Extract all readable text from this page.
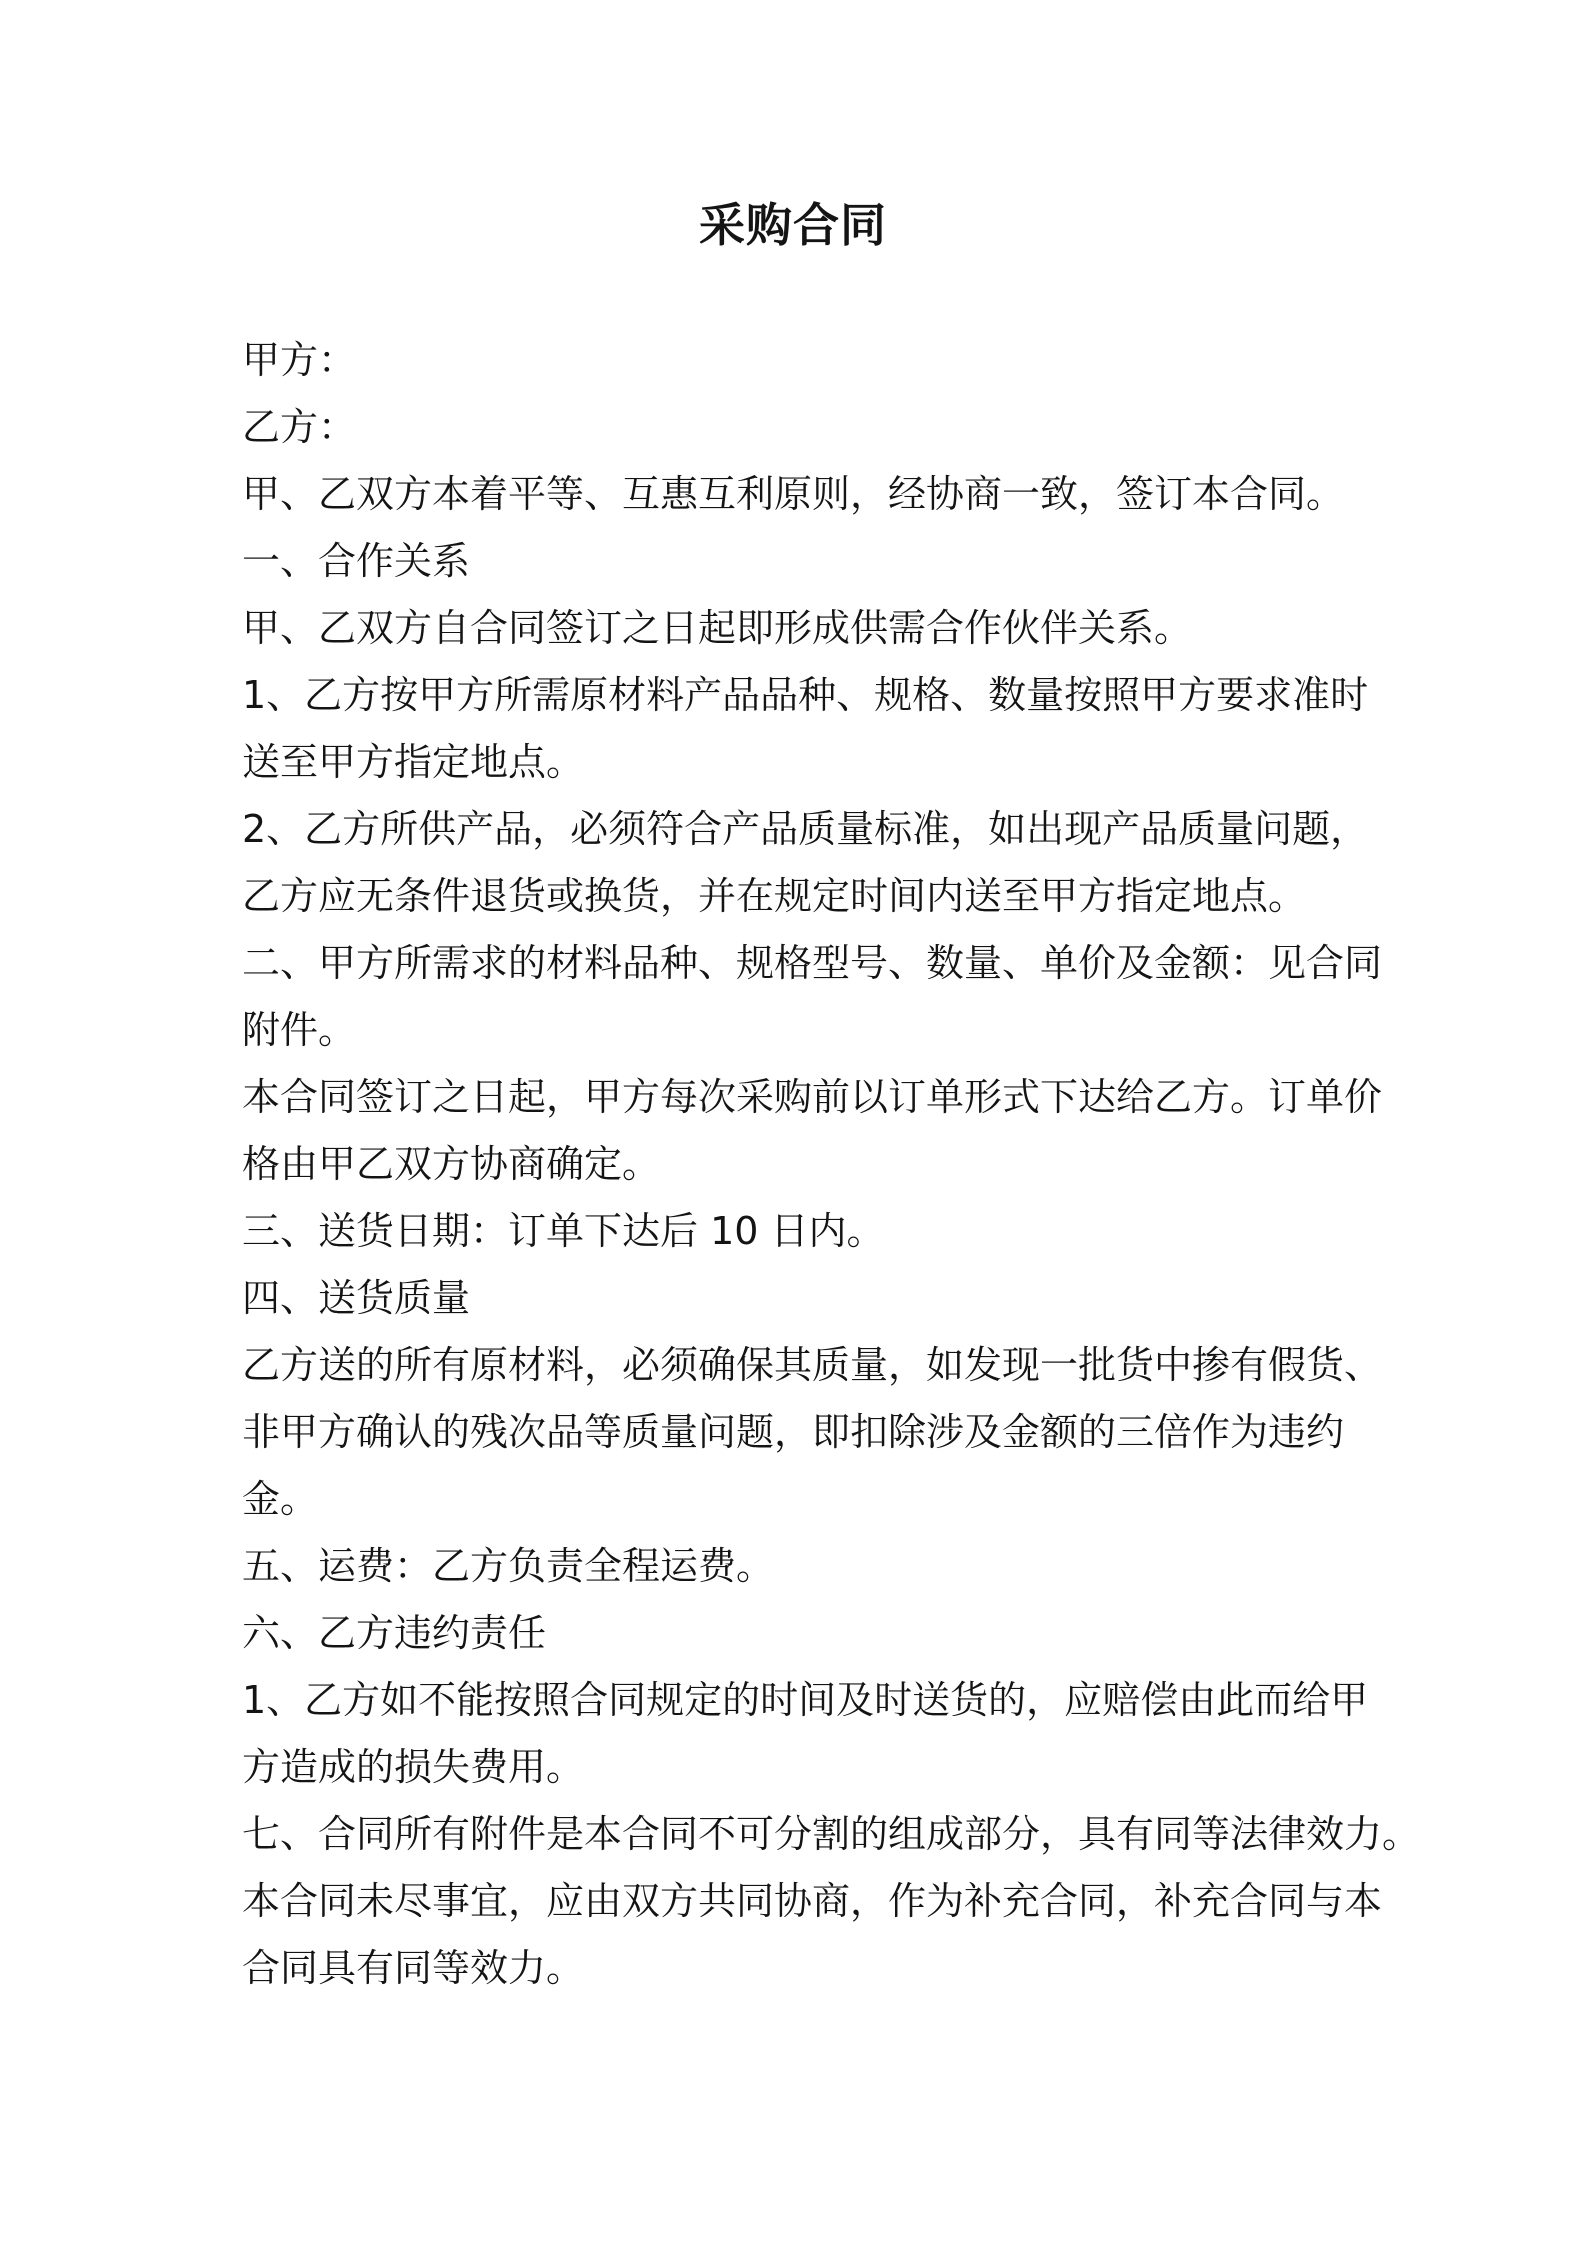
采购合同

甲方：

乙方：

甲、乙双方本着平等、互惠互利原则，经协商一致，签订本合同。

一、合作关系

甲、乙双方自合同签订之日起即形成供需合作伙伴关系。

1、乙方按甲方所需原材料产品品种、规格、数量按照甲方要求准时
送至甲方指定地点。

2、乙方所供产品，必须符合产品质量标准，如出现产品质量问题，
乙方应无条件退货或换货，并在规定时间内送至甲方指定地点。

二、甲方所需求的材料品种、规格型号、数量、单价及金额：见合同
附件。

本合同签订之日起，甲方每次采购前以订单形式下达给乙方。订单价
格由甲乙双方协商确定。

三、送货日期：订单下达后 10 日内。

四、送货质量

乙方送的所有原材料，必须确保其质量，如发现一批货中掺有假货、
非甲方确认的残次品等质量问题，即扣除涉及金额的三倍作为违约
金。

五、运费：乙方负责全程运费。

六、乙方违约责任

1、乙方如不能按照合同规定的时间及时送货的，应赔偿由此而给甲
方造成的损失费用。

七、合同所有附件是本合同不可分割的组成部分，具有同等法律效力。
本合同未尽事宜，应由双方共同协商，作为补充合同，补充合同与本
合同具有同等效力。
